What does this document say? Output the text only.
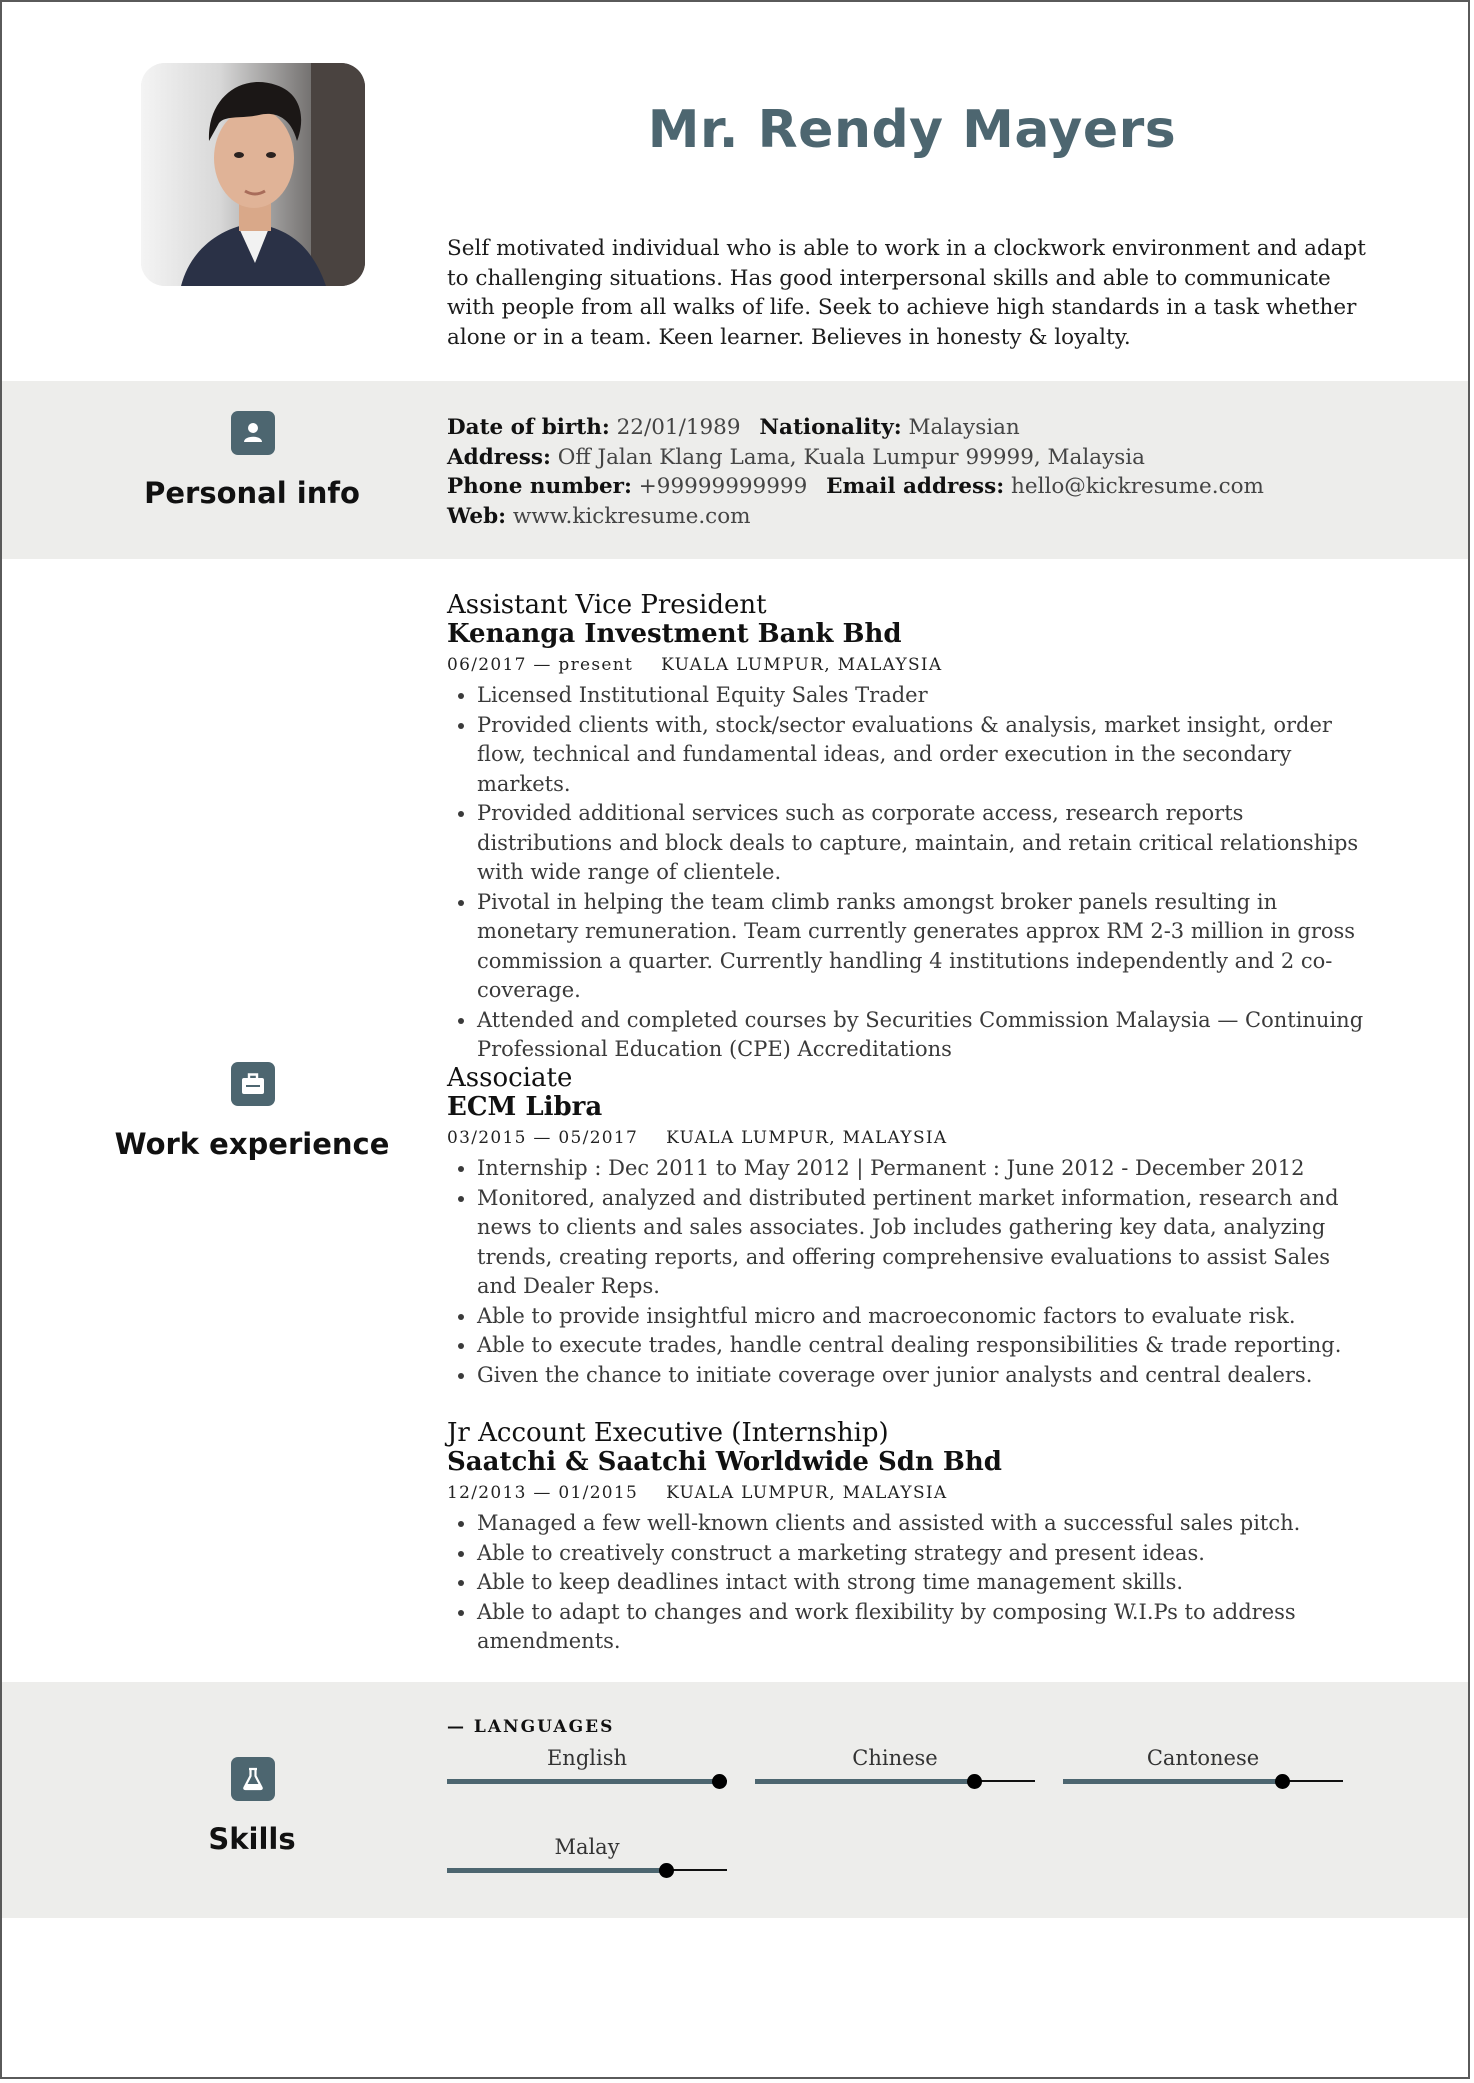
Mr. Rendy Mayers
Self motivated individual who is able to work in a clockwork environment and adapt to challenging situations. Has good interpersonal skills and able to communicate with people from all walks of life. Seek to achieve high standards in a task whether alone or in a team. Keen learner. Believes in honesty & loyalty.
Personal info
Date of birth: 22/01/1989 Nationality: Malaysian
Address: Off Jalan Klang Lama, Kuala Lumpur 99999, Malaysia
Phone number: +99999999999 Email address: hello@kickresume.com
Web: www.kickresume.com
Work experience
Assistant Vice President
Kenanga Investment Bank Bhd
06/2017 — present KUALA LUMPUR, MALAYSIA
• Licensed Institutional Equity Sales Trader
• Provided clients with, stock/sector evaluations & analysis, market insight, order flow, technical and fundamental ideas, and order execution in the secondary markets.
• Provided additional services such as corporate access, research reports distributions and block deals to capture, maintain, and retain critical relationships with wide range of clientele.
• Pivotal in helping the team climb ranks amongst broker panels resulting in monetary remuneration. Team currently generates approx RM 2-3 million in gross commission a quarter. Currently handling 4 institutions independently and 2 co-coverage.
• Attended and completed courses by Securities Commission Malaysia — Continuing Professional Education (CPE) Accreditations
Associate
ECM Libra
03/2015 — 05/2017 KUALA LUMPUR, MALAYSIA
• Internship : Dec 2011 to May 2012 | Permanent : June 2012 - December 2012
• Monitored, analyzed and distributed pertinent market information, research and news to clients and sales associates. Job includes gathering key data, analyzing trends, creating reports, and offering comprehensive evaluations to assist Sales and Dealer Reps.
• Able to provide insightful micro and macroeconomic factors to evaluate risk.
• Able to execute trades, handle central dealing responsibilities & trade reporting.
• Given the chance to initiate coverage over junior analysts and central dealers.
Jr Account Executive (Internship)
Saatchi & Saatchi Worldwide Sdn Bhd
12/2013 — 01/2015 KUALA LUMPUR, MALAYSIA
• Managed a few well-known clients and assisted with a successful sales pitch.
• Able to creatively construct a marketing strategy and present ideas.
• Able to keep deadlines intact with strong time management skills.
• Able to adapt to changes and work flexibility by composing W.I.Ps to address amendments.
Skills
— LANGUAGES
English	Chinese	Cantonese
Malay
